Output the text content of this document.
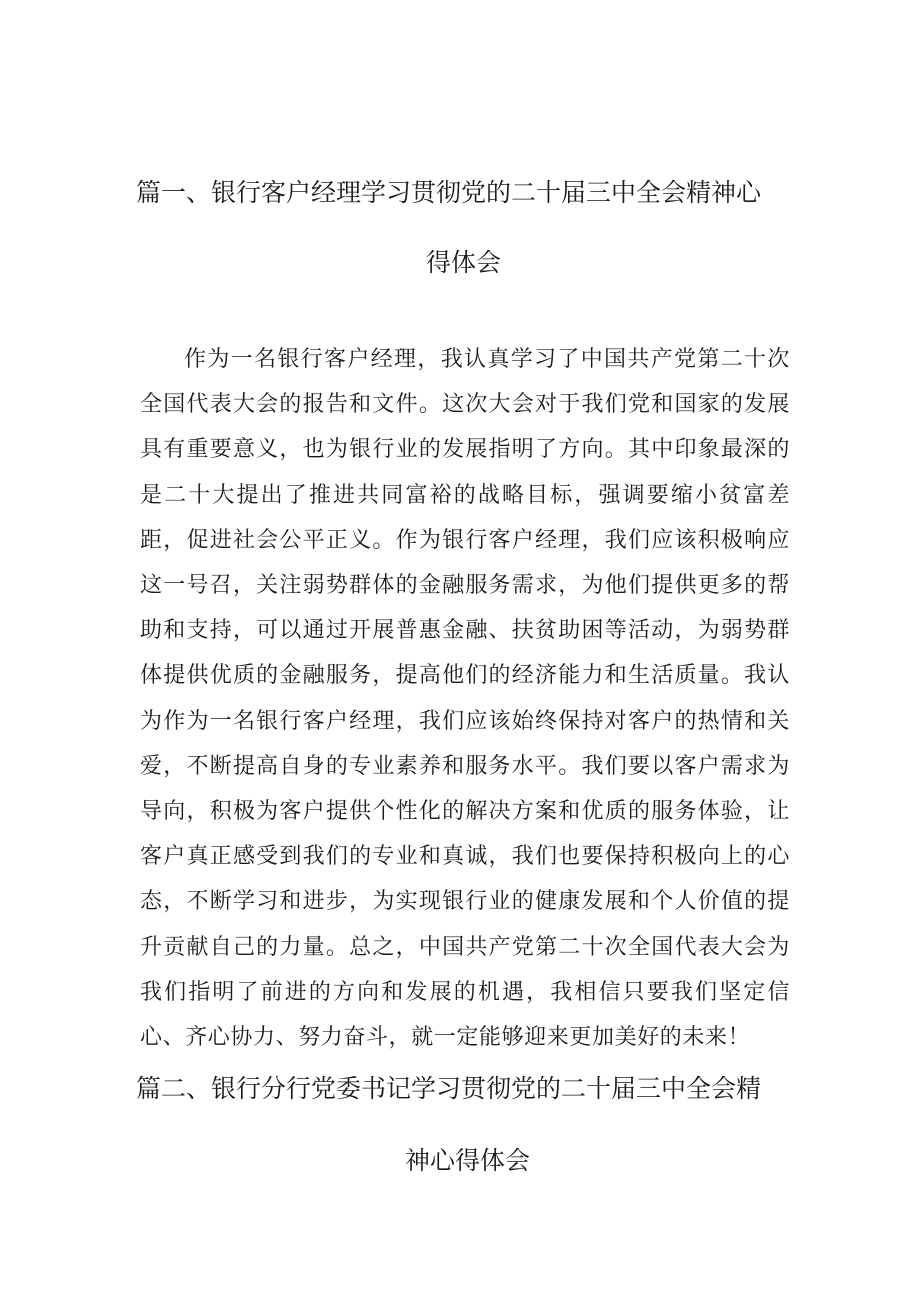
篇一、银行客户经理学习贯彻党的二十届三中全会精神心
得体会

作为一名银行客户经理，我认真学习了中国共产党第二十次全国代表大会的报告和文件。这次大会对于我们党和国家的发展具有重要意义，也为银行业的发展指明了方向。其中印象最深的是二十大提出了推进共同富裕的战略目标，强调要缩小贫富差距，促进社会公平正义。作为银行客户经理，我们应该积极响应这一号召，关注弱势群体的金融服务需求，为他们提供更多的帮助和支持，可以通过开展普惠金融、扶贫助困等活动，为弱势群体提供优质的金融服务，提高他们的经济能力和生活质量。我认为作为一名银行客户经理，我们应该始终保持对客户的热情和关爱，不断提高自身的专业素养和服务水平。我们要以客户需求为导向，积极为客户提供个性化的解决方案和优质的服务体验，让客户真正感受到我们的专业和真诚，我们也要保持积极向上的心态，不断学习和进步，为实现银行业的健康发展和个人价值的提升贡献自己的力量。总之，中国共产党第二十次全国代表大会为我们指明了前进的方向和发展的机遇，我相信只要我们坚定信心、齐心协力、努力奋斗，就一定能够迎来更加美好的未来！

篇二、银行分行党委书记学习贯彻党的二十届三中全会精
神心得体会
